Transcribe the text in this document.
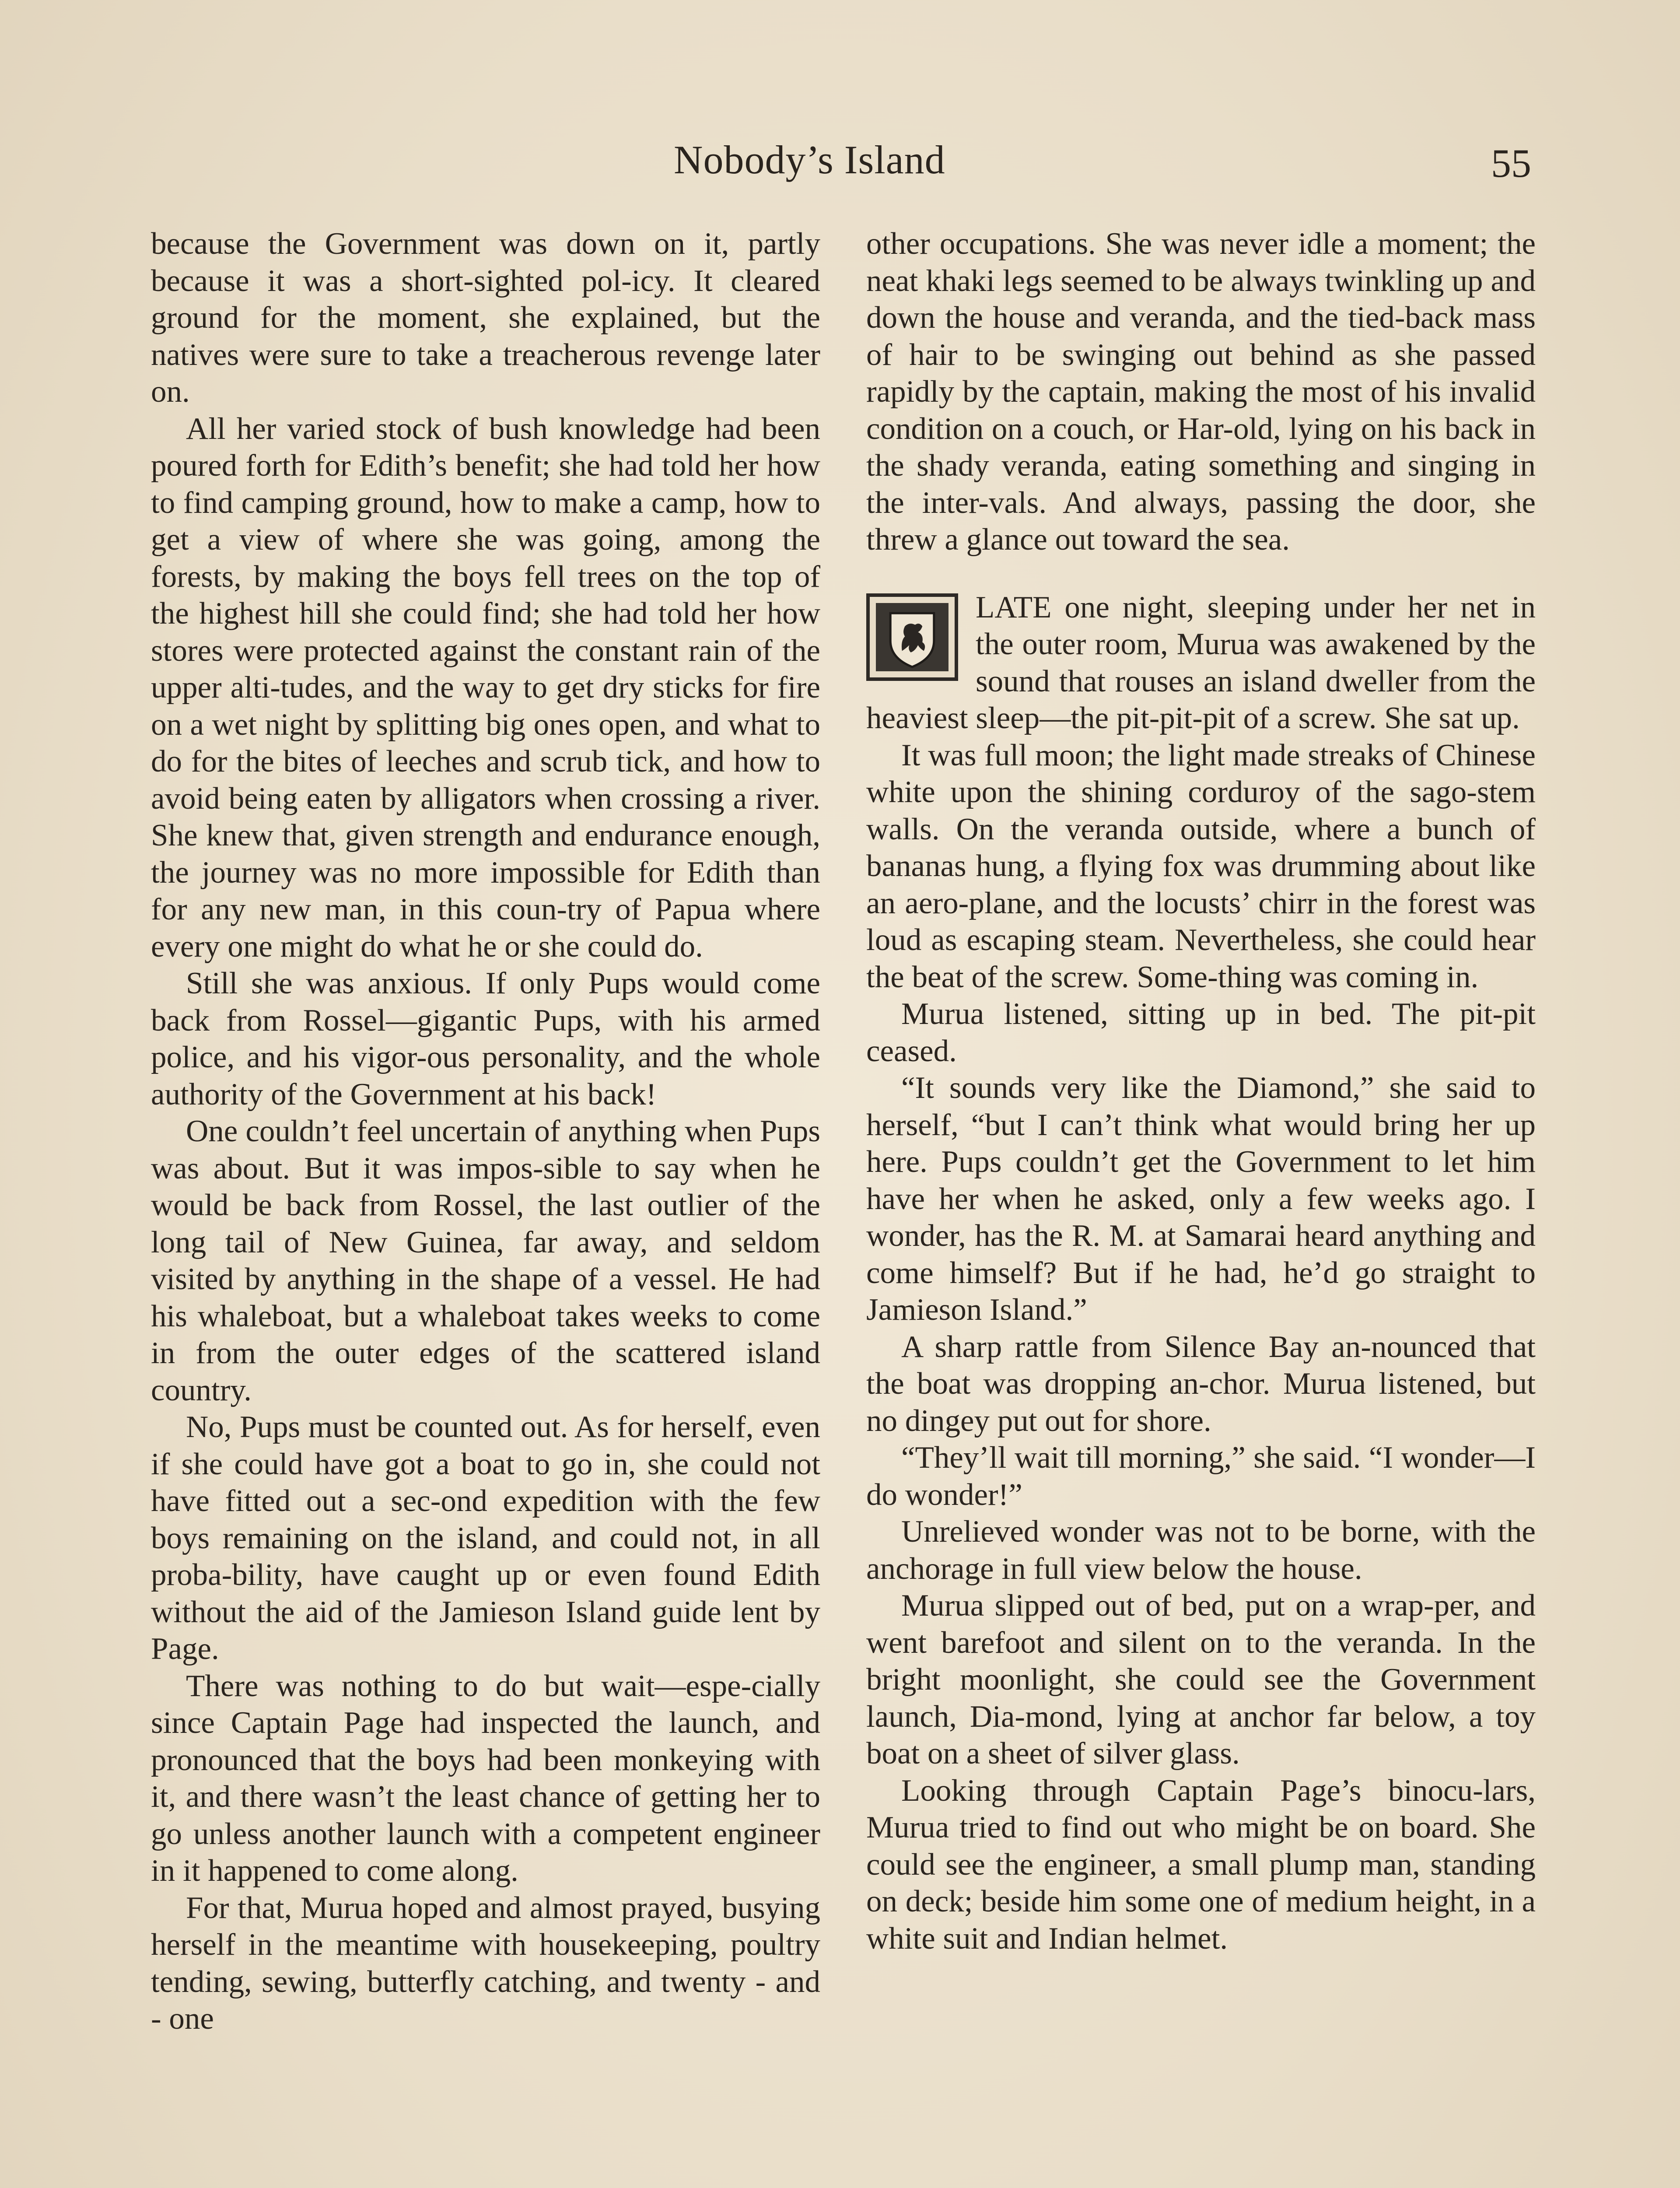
Nobody’s Island	55

because the Government was down on it, partly because it was a short-sighted pol-icy. It cleared ground for the moment, she explained, but the natives were sure to take a treacherous revenge later on.

All her varied stock of bush knowledge had been poured forth for Edith’s benefit; she had told her how to find camping ground, how to make a camp, how to get a view of where she was going, among the forests, by making the boys fell trees on the top of the highest hill she could find; she had told her how stores were protected against the constant rain of the upper alti-tudes, and the way to get dry sticks for fire on a wet night by splitting big ones open, and what to do for the bites of leeches and scrub tick, and how to avoid being eaten by alligators when crossing a river. She knew that, given strength and endurance enough, the journey was no more impossible for Edith than for any new man, in this coun-try of Papua where every one might do what he or she could do.

Still she was anxious. If only Pups would come back from Rossel—gigantic Pups, with his armed police, and his vigor-ous personality, and the whole authority of the Government at his back!

One couldn’t feel uncertain of anything when Pups was about. But it was impos-sible to say when he would be back from Rossel, the last outlier of the long tail of New Guinea, far away, and seldom visited by anything in the shape of a vessel. He had his whaleboat, but a whaleboat takes weeks to come in from the outer edges of the scattered island country.

No, Pups must be counted out. As for herself, even if she could have got a boat to go in, she could not have fitted out a sec-ond expedition with the few boys remaining on the island, and could not, in all proba-bility, have caught up or even found Edith without the aid of the Jamieson Island guide lent by Page.

There was nothing to do but wait—espe-cially since Captain Page had inspected the launch, and pronounced that the boys had been monkeying with it, and there wasn’t the least chance of getting her to go unless another launch with a competent engineer in it happened to come along.

For that, Murua hoped and almost prayed, busying herself in the meantime with housekeeping, poultry tending, sewing, butterfly catching, and twenty - and - one

other occupations. She was never idle a moment; the neat khaki legs seemed to be always twinkling up and down the house and veranda, and the tied-back mass of hair to be swinging out behind as she passed rapidly by the captain, making the most of his invalid condition on a couch, or Har-old, lying on his back in the shady veranda, eating something and singing in the inter-vals. And always, passing the door, she threw a glance out toward the sea.

LATE one night, sleeping under her net in the outer room, Murua was awakened by the sound that rouses an island dweller from the heaviest sleep—the pit-pit-pit of a screw. She sat up.

It was full moon; the light made streaks of Chinese white upon the shining corduroy of the sago-stem walls. On the veranda outside, where a bunch of bananas hung, a flying fox was drumming about like an aero-plane, and the locusts’ chirr in the forest was loud as escaping steam. Nevertheless, she could hear the beat of the screw. Some-thing was coming in.

Murua listened, sitting up in bed. The pit-pit ceased.

“It sounds very like the Diamond,” she said to herself, “but I can’t think what would bring her up here. Pups couldn’t get the Government to let him have her when he asked, only a few weeks ago. I wonder, has the R. M. at Samarai heard anything and come himself? But if he had, he’d go straight to Jamieson Island.”

A sharp rattle from Silence Bay an-nounced that the boat was dropping an-chor. Murua listened, but no dingey put out for shore.

“They’ll wait till morning,” she said. “I wonder—I do wonder!”

Unrelieved wonder was not to be borne, with the anchorage in full view below the house.

Murua slipped out of bed, put on a wrap-per, and went barefoot and silent on to the veranda. In the bright moonlight, she could see the Government launch, Dia-mond, lying at anchor far below, a toy boat on a sheet of silver glass.

Looking through Captain Page’s binocu-lars, Murua tried to find out who might be on board. She could see the engineer, a small plump man, standing on deck; beside him some one of medium height, in a white suit and Indian helmet.
